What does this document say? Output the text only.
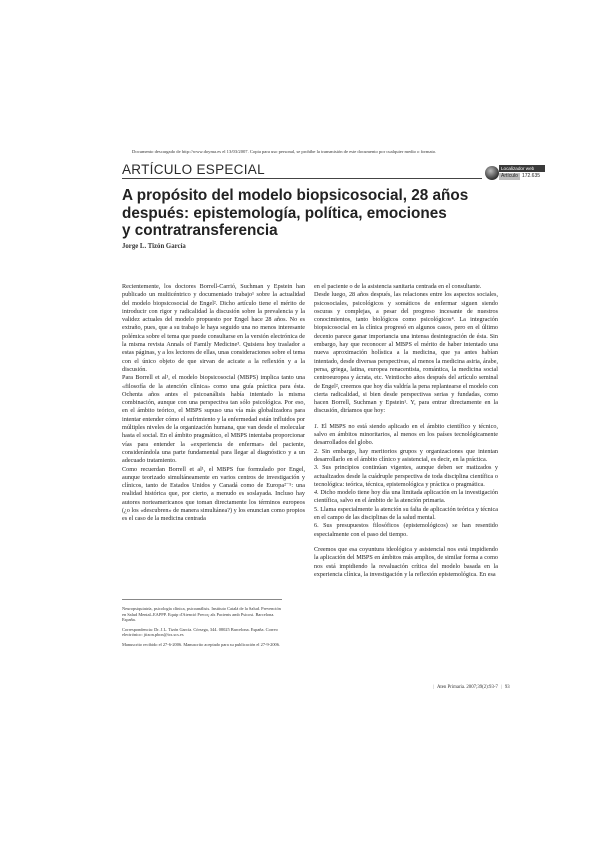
Documento descargado de http://www.doyma.es el 13/03/2007. Copia para uso personal, se prohíbe la transmisión de este documento por cualquier medio o formato.
ARTÍCULO ESPECIAL	Localizador web
Artículo 172.635
A propósito del modelo biopsicosocial, 28 años
después: epistemología, política, emociones
y contratransferencia
Jorge L. Tizón García

Recientemente, los doctores Borrell-Carrió, Suchman y Epstein han publicado un multicéntrico y documentado trabajo¹ sobre la actualidad del modelo biopsicosocial de Engel². Dicho artículo tiene el mérito de introducir con rigor y radicalidad la discusión sobre la prevalencia y la validez actuales del modelo propuesto por Engel hace 28 años. No es extraño, pues, que a su trabajo le haya seguido una no menos interesante polémica sobre el tema que puede consultarse en la versión electrónica de la misma revista Annals of Family Medicine³. Quisiera hoy traslador a estas páginas, y a los lectores de ellas, unas consideraciones sobre el tema con el único objeto de que sirvan de acicate a la reflexión y a la discusión.

Para Borrell et al¹, el modelo biopsicosocial (MBPS) implica tanto una «filosofía de la atención clínica» como una guía práctica para ésta. Ochenta años antes el psicoanálisis había intentado la misma combinación, aunque con una perspectiva tan sólo psicológica. Por eso, en el ámbito teórico, el MBPS supuso una vía más globalizadora para intentar entender cómo el sufrimiento y la enfermedad están influidos por múltiples niveles de la organización humana, que van desde el molecular hasta el social. En el ámbito pragmático, el MBPS intentaba proporcionar vías para entender la «experiencia de enfermar» del paciente, considerándola una parte fundamental para llegar al diagnóstico y a un adecuado tratamiento.

Como recuerdan Borrell et al¹, el MBPS fue formulado por Engel, aunque teorizado simultáneamente en varios centros de investigación y clínicos, tanto de Estados Unidos y Canadá como de Europa²⁻⁵: una realidad histórica que, por cierto, a menudo es soslayada. Incluso hay autores norteamericanos que toman directamente los términos europeos (¿o los «descubren» de manera simultánea?) y los enuncian como propios es el caso de la medicina centrada

Neuropsiquiatría, psicología clínica, psicoanálisis. Instituto Catalá de la Salud. Prevención en Salud Mental–EAPPP. Equip d'Atenció Precoç als Pacients amb Psicosi. Barcelona. España.

Correspondencia: Dr. J.L. Tizón García. Còrsega, 344. 08025 Barcelona. España. Correo electrónico: jtizon.pbcn@ics.scs.es

Manuscrito recibido el 27-6-2006. Manuscrito aceptado para su publicación el 27-9-2006.

en el paciente o de la asistencia sanitaria centrada en el consultante.

Desde luego, 28 años después, las relaciones entre los aspectos sociales, psicosociales, psicológicos y somáticos de enfermar siguen siendo oscuras y complejas, a pesar del progreso incesante de nuestros conocimientos, tanto biológicos como psicológicos⁴. La integración biopsicosocial en la clínica progresó en algunos casos, pero en el último decenio parece ganar importancia una intensa desintegración de ésta. Sin embargo, hay que reconocer al MBPS el mérito de haber intentado una nueva aproximación holística a la medicina, que ya antes habían intentado, desde diversas perspectivas, al menos la medicina asiria, árabe, persa, griega, latina, europea renacentista, romántica, la medicina social centroeuropea y ácrata, etc. Veintiocho años después del artículo seminal de Engel², creemos que hoy día valdría la pena replantearse el modelo con cierta radicalidad, si bien desde perspectivas serias y fundadas, como hacen Borrell, Suchman y Epstein¹. Y, para entrar directamente en la discusión, diríamos que hoy:

1. El MBPS no está siendo aplicado en el ámbito científico y técnico, salvo en ámbitos minoritarios, al menos en los países tecnológicamente desarrollados del globo.

2. Sin embargo, hay meritorios grupos y organizaciones que intentan desarrollarlo en el ámbito clínico y asistencial, es decir, en la práctica.

3. Sus principios continúan vigentes, aunque deben ser matizados y actualizados desde la cuádruple perspectiva de toda disciplina científica o tecnológica: teórica, técnica, epistemológica y práctica o pragmática.

4. Dicho modelo tiene hoy día una limitada aplicación en la investigación científica, salvo en el ámbito de la atención primaria.

5. Llama especialmente la atención su falta de aplicación teórica y técnica en el campo de las disciplinas de la salud mental.

6. Sus presupuestos filosóficos (epistemológicos) se han resentido especialmente con el paso del tiempo.

Creemos que esa coyuntura ideológica y asistencial nos está impidiendo la aplicación del MBPS en ámbitos más amplios, de similar forma a como nos está impidiendo la revaluación crítica del modelo basada en la experiencia clínica, la investigación y la reflexión epistemológica. En esa

| Aten Primaria. 2007;39(2):93-7 | 93
